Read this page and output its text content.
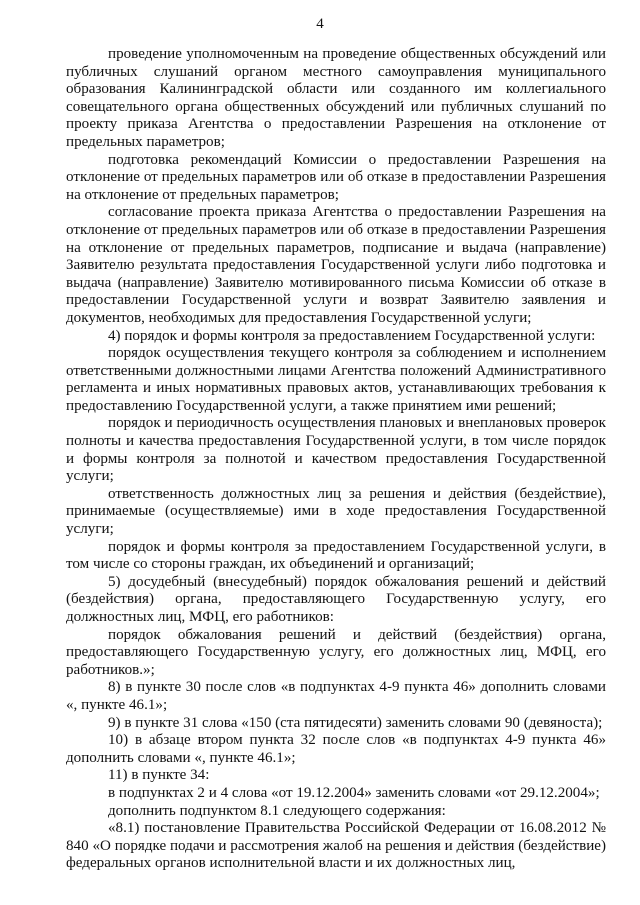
4

проведение уполномоченным на проведение общественных обсуждений или публичных слушаний органом местного самоуправления муниципального образования Калининградской области или созданного им коллегиального совещательного органа общественных обсуждений или публичных слушаний по проекту приказа Агентства о предоставлении Разрешения на отклонение от предельных параметров;

подготовка рекомендаций Комиссии о предоставлении Разрешения на отклонение от предельных параметров или об отказе в предоставлении Разрешения на отклонение от предельных параметров;

согласование проекта приказа Агентства о предоставлении Разрешения на отклонение от предельных параметров или об отказе в предоставлении Разрешения на отклонение от предельных параметров, подписание и выдача (направление) Заявителю результата предоставления Государственной услуги либо подготовка и выдача (направление) Заявителю мотивированного письма Комиссии об отказе в предоставлении Государственной услуги и возврат Заявителю заявления и документов, необходимых для предоставления Государственной услуги;

4) порядок и формы контроля за предоставлением Государственной услуги:

порядок осуществления текущего контроля за соблюдением и исполнением ответственными должностными лицами Агентства положений Административного регламента и иных нормативных правовых актов, устанавливающих требования к предоставлению Государственной услуги, а также принятием ими решений;

порядок и периодичность осуществления плановых и внеплановых проверок полноты и качества предоставления Государственной услуги, в том числе порядок и формы контроля за полнотой и качеством предоставления Государственной услуги;

ответственность должностных лиц за решения и действия (бездействие), принимаемые (осуществляемые) ими в ходе предоставления Государственной услуги;

порядок и формы контроля за предоставлением Государственной услуги, в том числе со стороны граждан, их объединений и организаций;

5) досудебный (внесудебный) порядок обжалования решений и действий (бездействия) органа, предоставляющего Государственную услугу, его должностных лиц, МФЦ, его работников:

порядок обжалования решений и действий (бездействия) органа, предоставляющего Государственную услугу, его должностных лиц, МФЦ, его работников.»;

8) в пункте 30 после слов «в подпунктах 4-9 пункта 46» дополнить словами «, пункте 46.1»;

9) в пункте 31 слова «150 (ста пятидесяти) заменить словами 90 (девяноста);

10) в абзаце втором пункта 32 после слов «в подпунктах 4-9 пункта 46» дополнить словами «, пункте 46.1»;

11) в пункте 34:

в подпунктах 2 и 4 слова «от 19.12.2004» заменить словами «от 29.12.2004»;

дополнить подпунктом 8.1 следующего содержания:

«8.1) постановление Правительства Российской Федерации от 16.08.2012 № 840 «О порядке подачи и рассмотрения жалоб на решения и действия (бездействие) федеральных органов исполнительной власти и их должностных лиц,
